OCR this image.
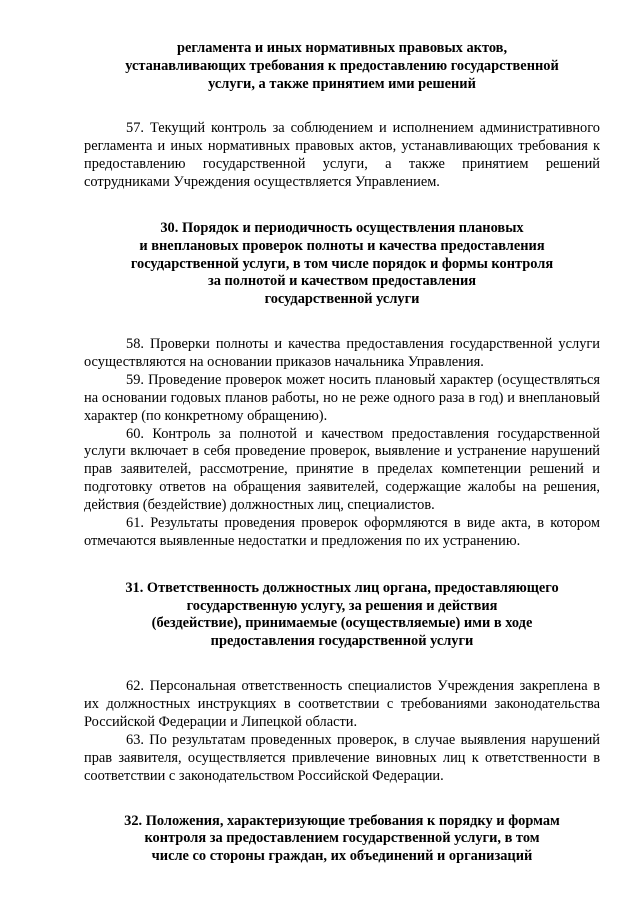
регламента и иных нормативных правовых актов,
устанавливающих требования к предоставлению государственной
услуги, а также принятием ими решений

57. Текущий контроль за соблюдением и исполнением административного регламента и иных нормативных правовых актов, устанавливающих требования к предоставлению государственной услуги, а также принятием решений сотрудниками Учреждения осуществляется Управлением.

30. Порядок и периодичность осуществления плановых
и внеплановых проверок полноты и качества предоставления
государственной услуги, в том числе порядок и формы контроля
за полнотой и качеством предоставления
государственной услуги

58. Проверки полноты и качества предоставления государственной услуги осуществляются на основании приказов начальника Управления.

59. Проведение проверок может носить плановый характер (осуществляться на основании годовых планов работы, но не реже одного раза в год) и внеплановый характер (по конкретному обращению).

60. Контроль за полнотой и качеством предоставления государственной услуги включает в себя проведение проверок, выявление и устранение нарушений прав заявителей, рассмотрение, принятие в пределах компетенции решений и подготовку ответов на обращения заявителей, содержащие жалобы на решения, действия (бездействие) должностных лиц, специалистов.

61. Результаты проведения проверок оформляются в виде акта, в котором отмечаются выявленные недостатки и предложения по их устранению.

31. Ответственность должностных лиц органа, предоставляющего
государственную услугу, за решения и действия
(бездействие), принимаемые (осуществляемые) ими в ходе
предоставления государственной услуги

62. Персональная ответственность специалистов Учреждения закреплена в их должностных инструкциях в соответствии с требованиями законодательства Российской Федерации и Липецкой области.

63. По результатам проведенных проверок, в случае выявления нарушений прав заявителя, осуществляется привлечение виновных лиц к ответственности в соответствии с законодательством Российской Федерации.

32. Положения, характеризующие требования к порядку и формам
контроля за предоставлением государственной услуги, в том
числе со стороны граждан, их объединений и организаций
